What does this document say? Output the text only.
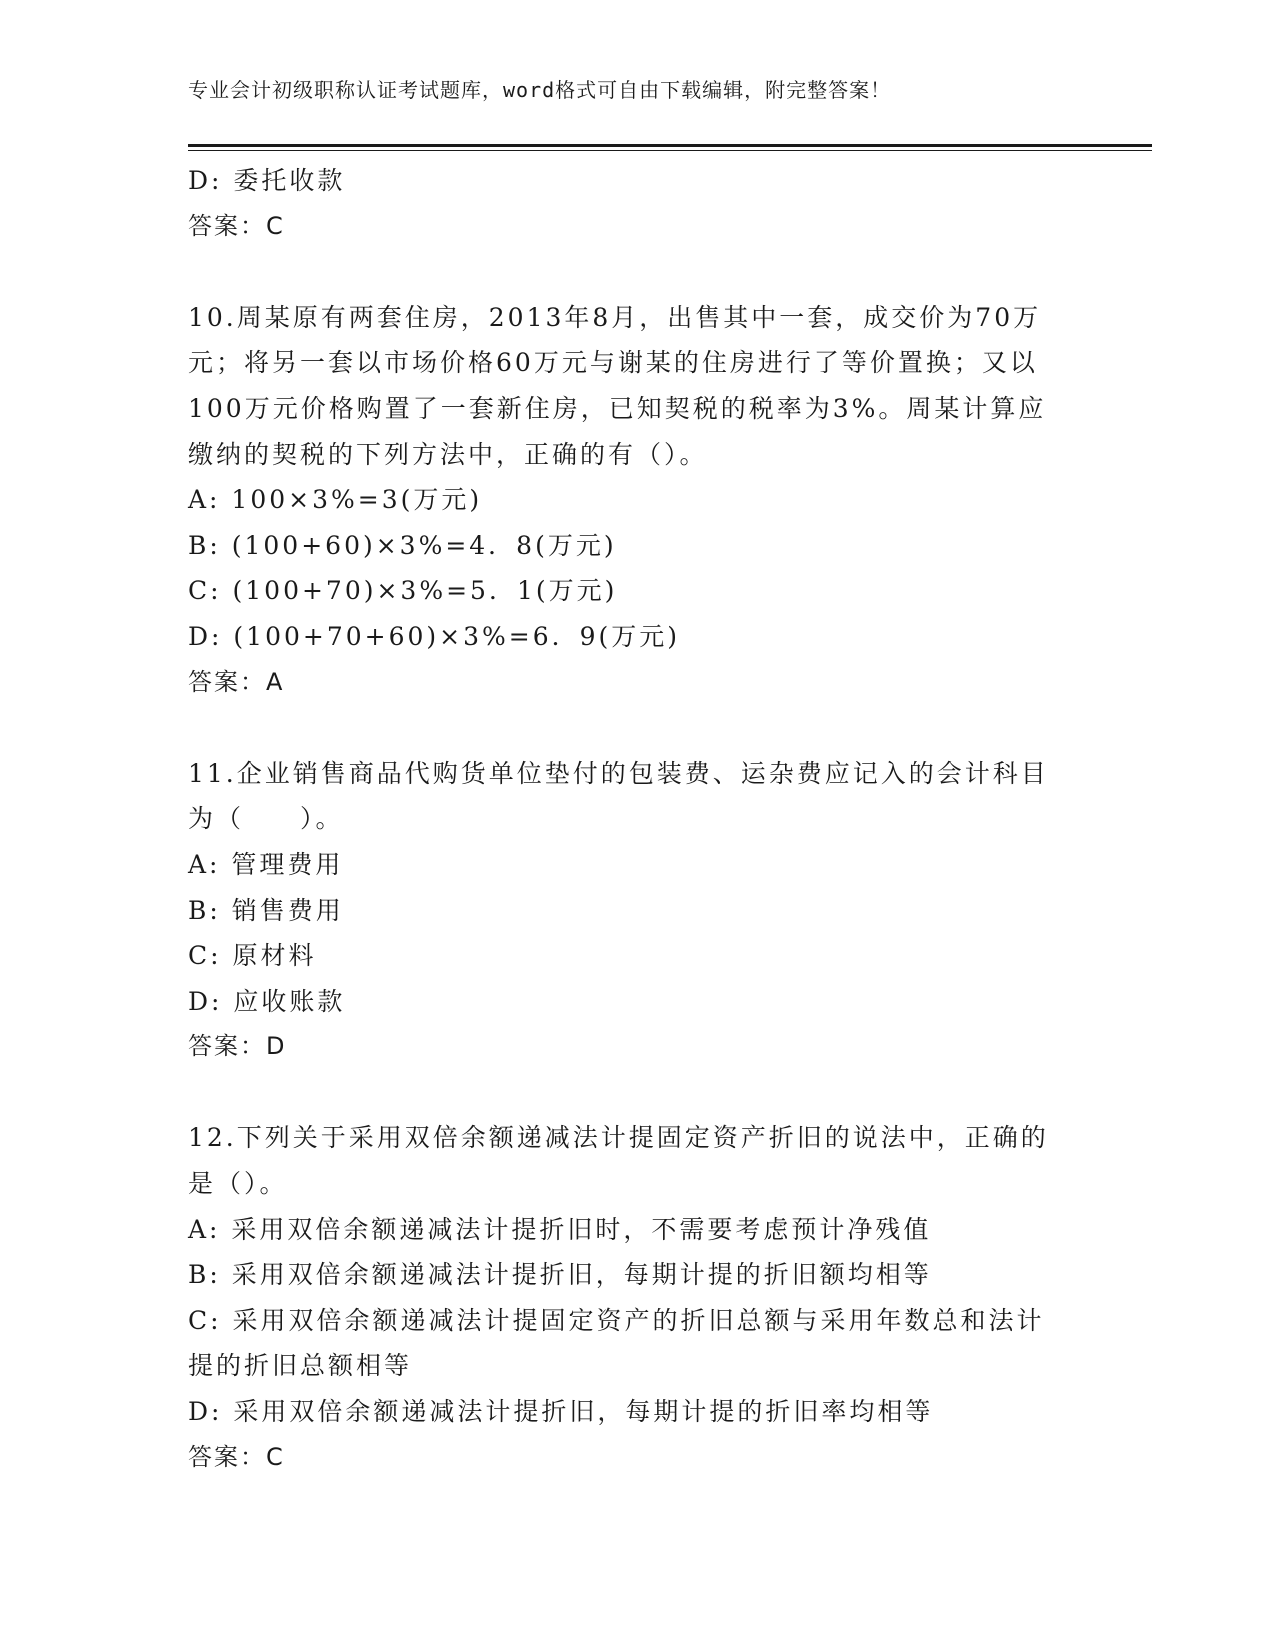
专业会计初级职称认证考试题库，word格式可自由下载编辑，附完整答案！
D: 委托收款
答案：C
10.周某原有两套住房，2013年8月，出售其中一套，成交价为70万
元；将另一套以市场价格60万元与谢某的住房进行了等价置换；又以
100万元价格购置了一套新住房，已知契税的税率为3%。周某计算应
缴纳的契税的下列方法中，正确的有（）。
A: 100×3%=3(万元)
B: (100+60)×3%=4．8(万元)
C: (100+70)×3%=5．1(万元)
D: (100+70+60)×3%=6．9(万元)
答案：A
11.企业销售商品代购货单位垫付的包装费、运杂费应记入的会计科目
为（　　）。
A: 管理费用
B: 销售费用
C: 原材料
D: 应收账款
答案：D
12.下列关于采用双倍余额递减法计提固定资产折旧的说法中，正确的
是（）。
A: 采用双倍余额递减法计提折旧时，不需要考虑预计净残值
B: 采用双倍余额递减法计提折旧，每期计提的折旧额均相等
C: 采用双倍余额递减法计提固定资产的折旧总额与采用年数总和法计
提的折旧总额相等
D: 采用双倍余额递减法计提折旧，每期计提的折旧率均相等
答案：C
